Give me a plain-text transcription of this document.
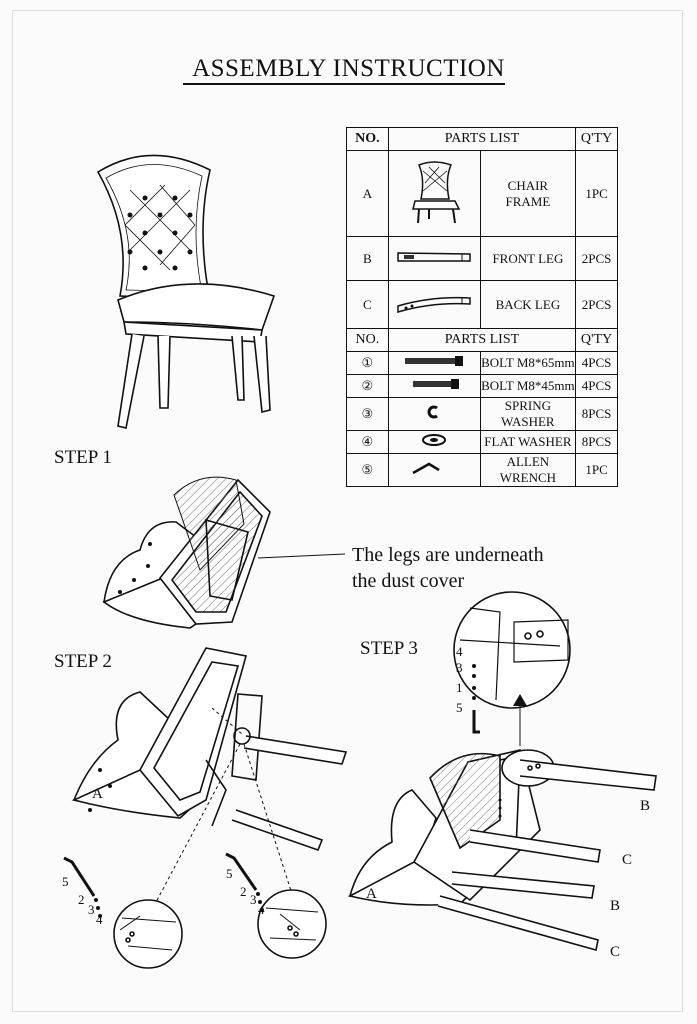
ASSEMBLY INSTRUCTION
NO.	PARTS LIST		Q'TY
A		CHAIR
FRAME	1PC
B		FRONT LEG	2PCS
C		BACK LEG	2PCS
NO.	PARTS LIST		Q'TY
①		BOLT M8*65mm	4PCS
②		BOLT M8*45mm	4PCS
③		SPRING WASHER	8PCS
④		FLAT WASHER	8PCS
⑤		ALLEN WRENCH	1PC
STEP 1
STEP 2
STEP 3
The legs are underneath
the dust cover
A
5
2
3
4
5
2
3
4
A
4
3
1
5
B
C
B
C
